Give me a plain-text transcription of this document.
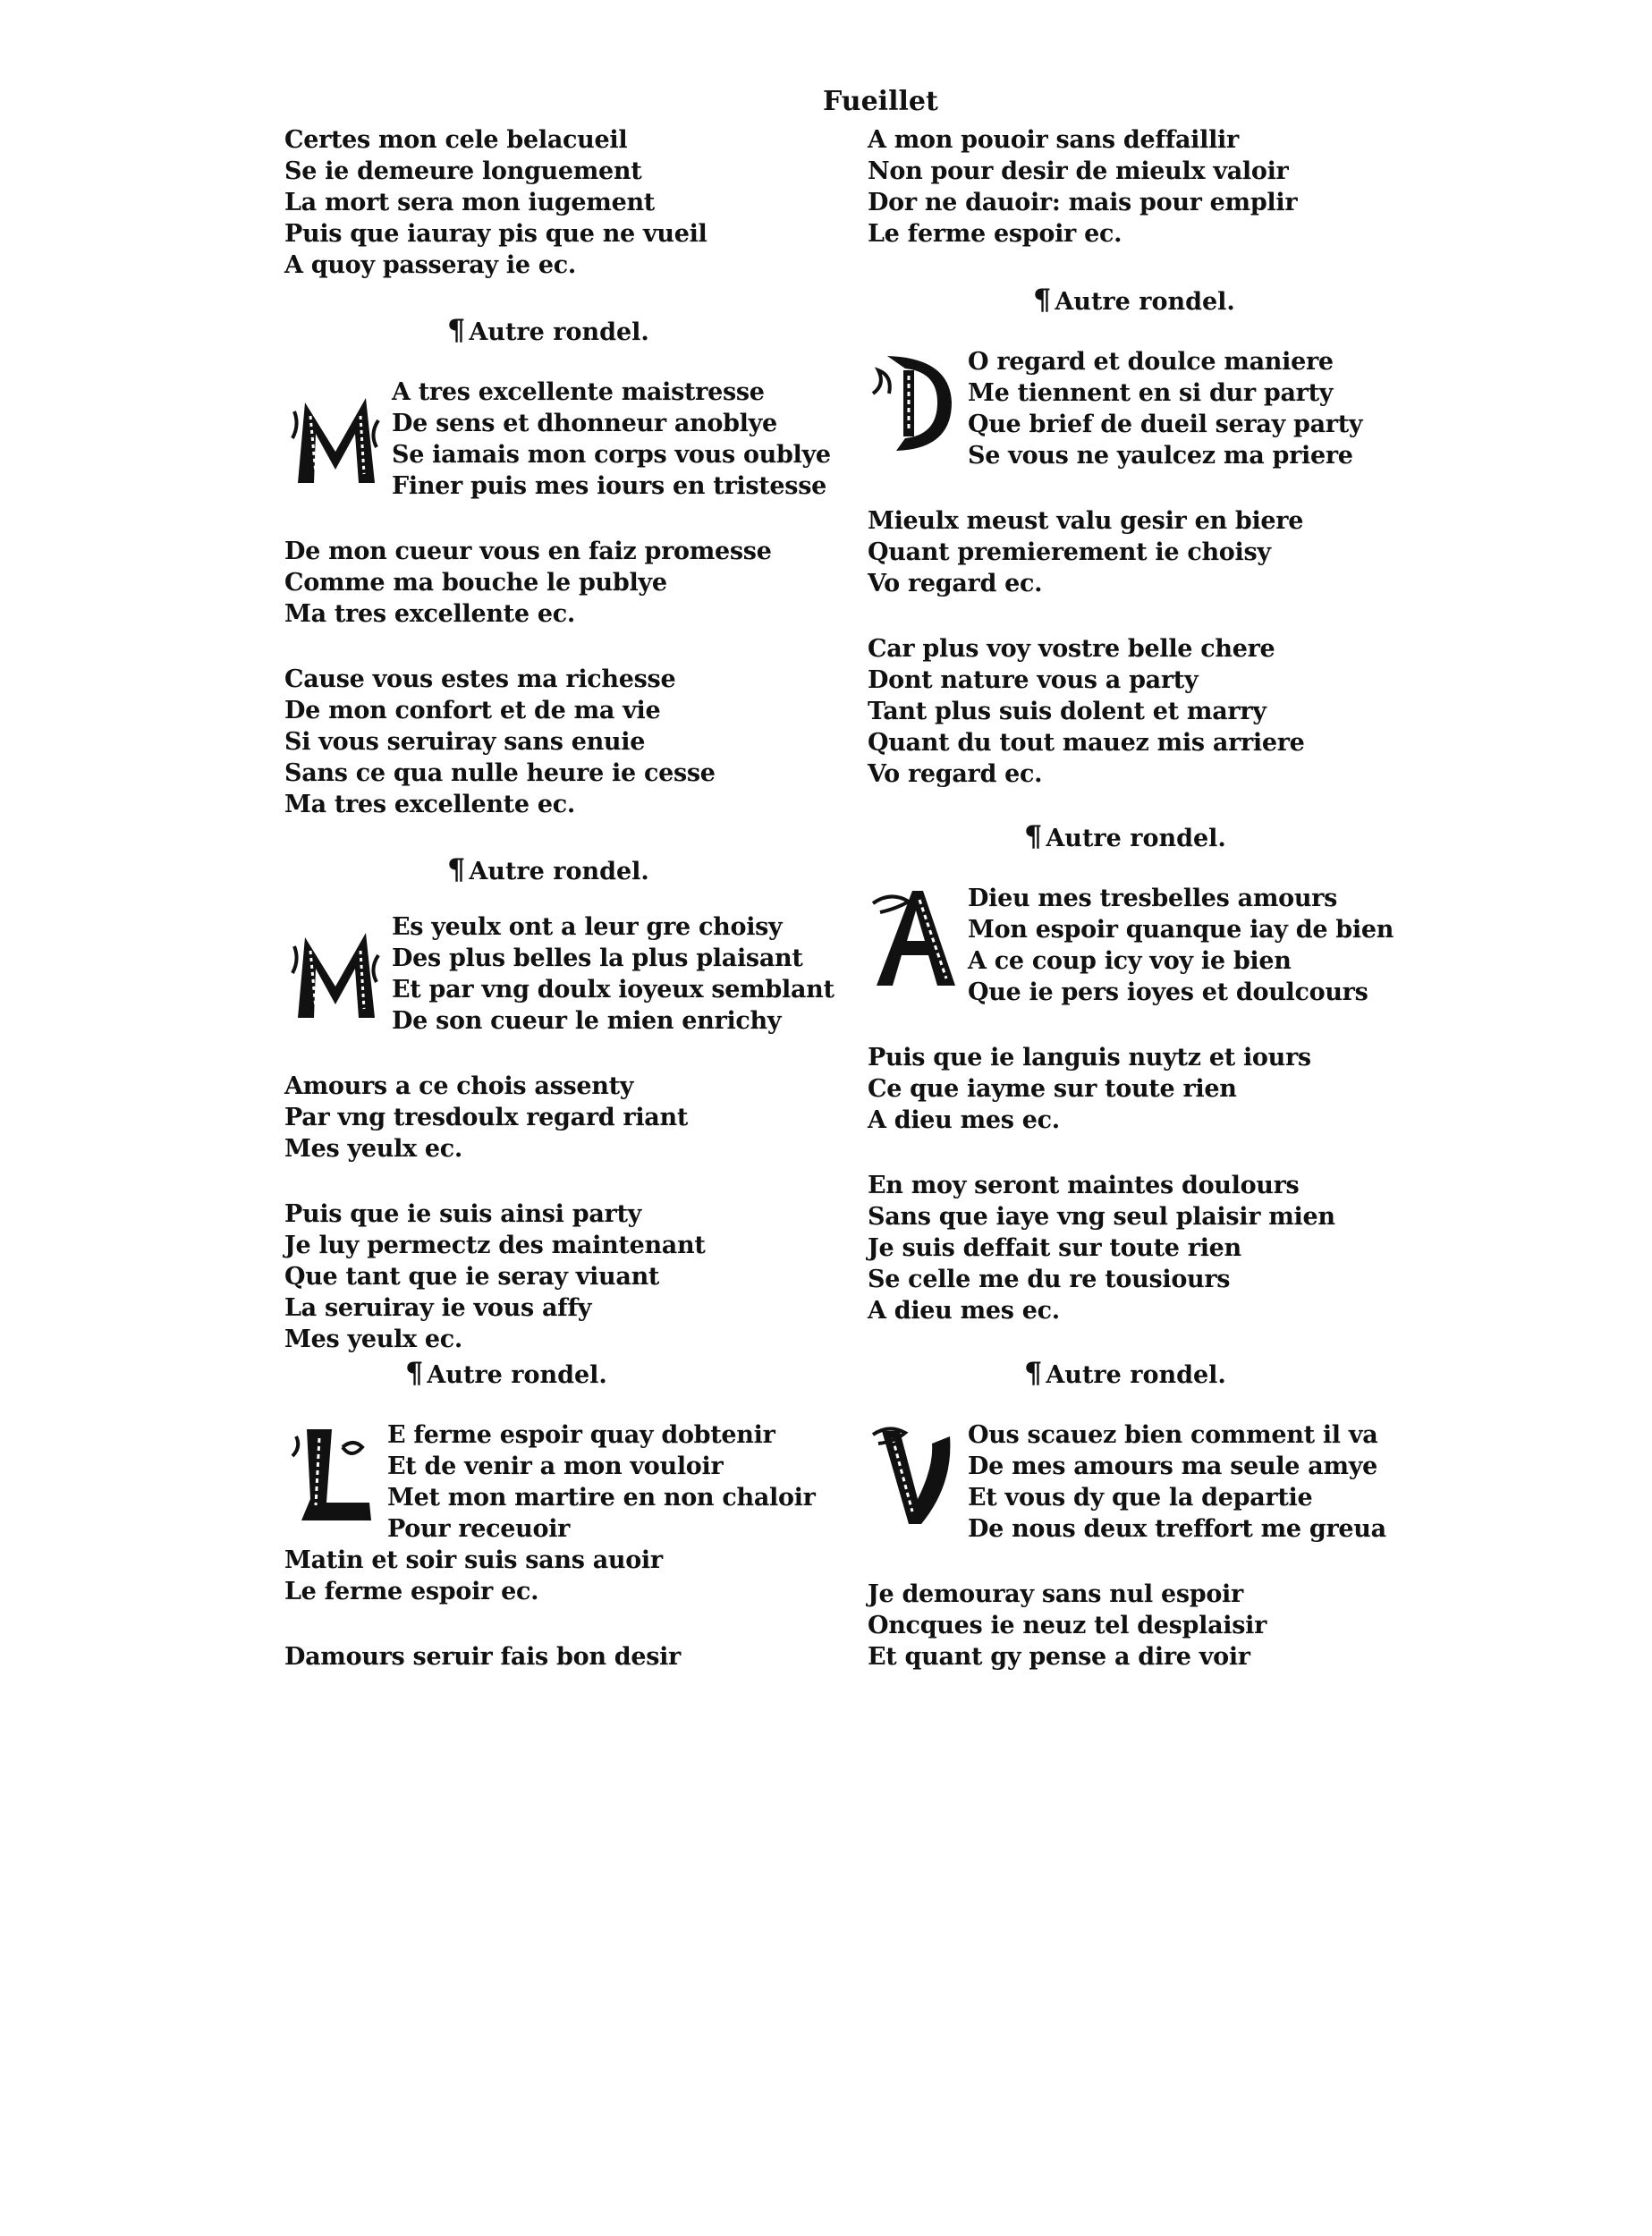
Fueillet
Certes mon cele belacueil
Se ie demeure longuement
La mort sera mon iugement
Puis que iauray pis que ne vueil
A quoy passeray ie ec.
¶ Autre rondel.
A tres excellente maistresse
De sens et dhonneur anoblye
Se iamais mon corps vous oublye
Finer puis mes iours en tristesse
De mon cueur vous en faiz promesse
Comme ma bouche le publye
Ma tres excellente ec.
Cause vous estes ma richesse
De mon confort et de ma vie
Si vous seruiray sans enuie
Sans ce qua nulle heure ie cesse
Ma tres excellente ec.
¶ Autre rondel.
Es yeulx ont a leur gre choisy
Des plus belles la plus plaisant
Et par vng doulx ioyeux semblant
De son cueur le mien enrichy
Amours a ce chois assenty
Par vng tresdoulx regard riant
Mes yeulx ec.
Puis que ie suis ainsi party
Je luy permectz des maintenant
Que tant que ie seray viuant
La seruiray ie vous affy
Mes yeulx ec.
¶ Autre rondel.
E ferme espoir quay dobtenir
Et de venir a mon vouloir
Met mon martire en non chaloir
Pour receuoir
Matin et soir suis sans auoir
Le ferme espoir ec.
Damours seruir fais bon desir
A mon pouoir sans deffaillir
Non pour desir de mieulx valoir
Dor ne dauoir: mais pour emplir
Le ferme espoir ec.
¶ Autre rondel.
O regard et doulce maniere
Me tiennent en si dur party
Que brief de dueil seray party
Se vous ne yaulcez ma priere
Mieulx meust valu gesir en biere
Quant premierement ie choisy
Vo regard ec.
Car plus voy vostre belle chere
Dont nature vous a party
Tant plus suis dolent et marry
Quant du tout mauez mis arriere
Vo regard ec.
¶ Autre rondel.
Dieu mes tresbelles amours
Mon espoir quanque iay de bien
A ce coup icy voy ie bien
Que ie pers ioyes et doulcours
Puis que ie languis nuytz et iours
Ce que iayme sur toute rien
A dieu mes ec.
En moy seront maintes doulours
Sans que iaye vng seul plaisir mien
Je suis deffait sur toute rien
Se celle me du re tousiours
A dieu mes ec.
¶ Autre rondel.
Ous scauez bien comment il va
De mes amours ma seule amye
Et vous dy que la departie
De nous deux treffort me greua
Je demouray sans nul espoir
Oncques ie neuz tel desplaisir
Et quant gy pense a dire voir
